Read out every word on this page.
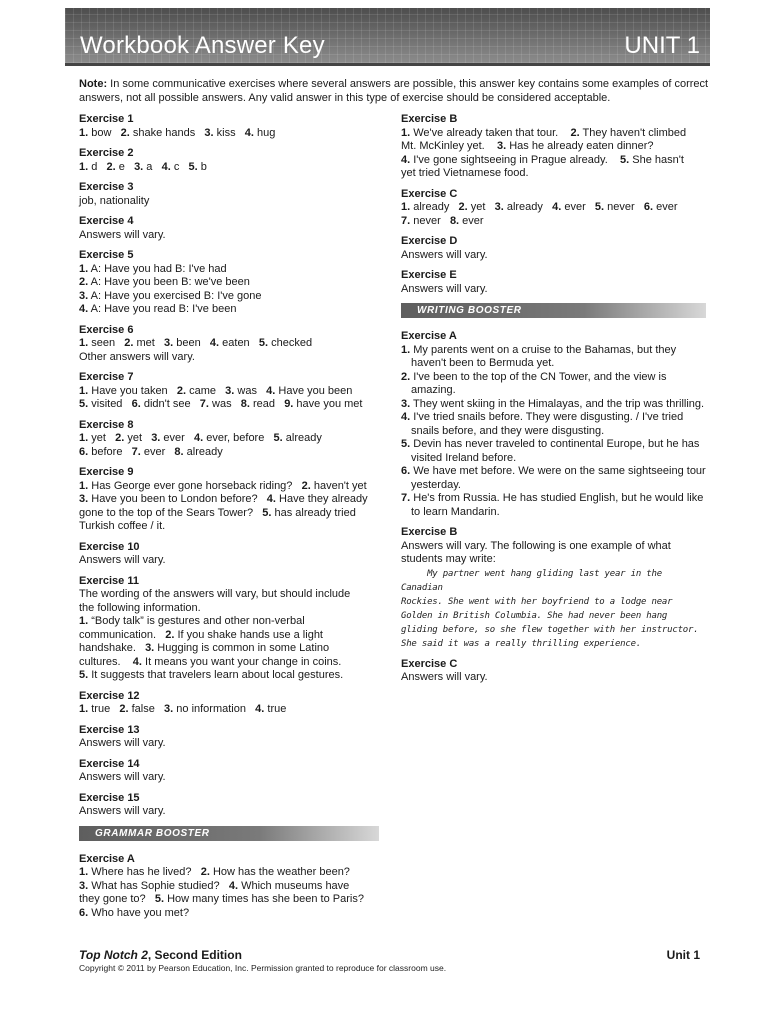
Workbook Answer Key	UNIT 1
Note: In some communicative exercises where several answers are possible, this answer key contains some examples of correct answers, not all possible answers. Any valid answer in this type of exercise should be considered acceptable.
Exercise 1
1. bow   2. shake hands   3. kiss   4. hug
Exercise 2
1. d   2. e   3. a   4. c   5. b
Exercise 3
job, nationality
Exercise 4
Answers will vary.
Exercise 5
1. A: Have you had B: I've had
2. A: Have you been B: we've been
3. A: Have you exercised B: I've gone
4. A: Have you read B: I've been
Exercise 6
1. seen   2. met   3. been   4. eaten   5. checked
Other answers will vary.
Exercise 7
1. Have you taken   2. came   3. was   4. Have you been
5. visited   6. didn't see   7. was   8. read   9. have you met
Exercise 8
1. yet   2. yet   3. ever   4. ever, before   5. already
6. before   7. ever   8. already
Exercise 9
1. Has George ever gone horseback riding?   2. haven't yet
3. Have you been to London before?   4. Have they already
gone to the top of the Sears Tower?   5. has already tried
Turkish coffee / it.
Exercise 10
Answers will vary.
Exercise 11
The wording of the answers will vary, but should include
the following information.
1. “Body talk” is gestures and other non-verbal
communication.   2. If you shake hands use a light
handshake.   3. Hugging is common in some Latino
cultures.    4. It means you want your change in coins.
5. It suggests that travelers learn about local gestures.
Exercise 12
1. true   2. false   3. no information   4. true
Exercise 13
Answers will vary.
Exercise 14
Answers will vary.
Exercise 15
Answers will vary.
GRAMMAR BOOSTER
Exercise A
1. Where has he lived?   2. How has the weather been?
3. What has Sophie studied?   4. Which museums have
they gone to?   5. How many times has she been to Paris?
6. Who have you met?
Exercise B
1. We've already taken that tour.    2. They haven't climbed
Mt. McKinley yet.    3. Has he already eaten dinner?
4. I've gone sightseeing in Prague already.    5. She hasn't
yet tried Vietnamese food.
Exercise C
1. already   2. yet   3. already   4. ever   5. never   6. ever
7. never   8. ever
Exercise D
Answers will vary.
Exercise E
Answers will vary.
WRITING BOOSTER
Exercise A
1. My parents went on a cruise to the Bahamas, but they haven't been to Bermuda yet.
2. I've been to the top of the CN Tower, and the view is amazing.
3. They went skiing in the Himalayas, and the trip was thrilling.
4. I've tried snails before. They were disgusting. / I've tried snails before, and they were disgusting.
5. Devin has never traveled to continental Europe, but he has visited Ireland before.
6. We have met before. We were on the same sightseeing tour yesterday.
7. He's from Russia. He has studied English, but he would like to learn Mandarin.
Exercise B
Answers will vary. The following is one example of what
students may write:
My partner went hang gliding last year in the Canadian
Rockies. She went with her boyfriend to a lodge near
Golden in British Columbia. She had never been hang
gliding before, so she flew together with her instructor.
She said it was a really thrilling experience.
Exercise C
Answers will vary.
Top Notch 2, Second Edition	Unit 1
Copyright © 2011 by Pearson Education, Inc. Permission granted to reproduce for classroom use.
